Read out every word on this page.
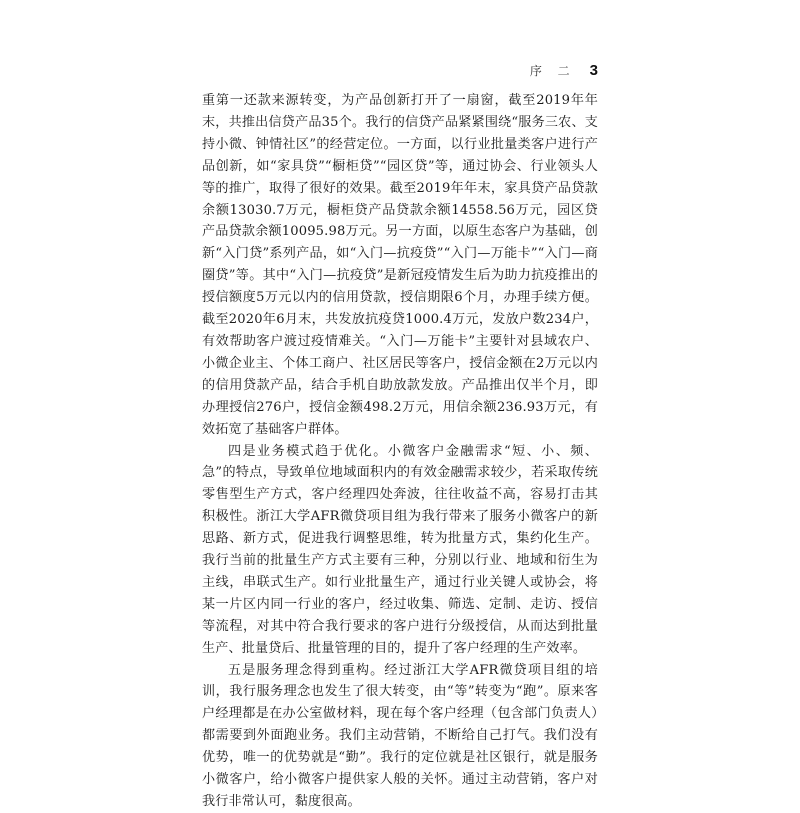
序 二 3

重第一还款来源转变，为产品创新打开了一扇窗，截至2019年年末，共推出信贷产品35个。我行的信贷产品紧紧围绕“服务三农、支持小微、钟情社区”的经营定位。一方面，以行业批量类客户进行产品创新，如“家具贷”“橱柜贷”“园区贷”等，通过协会、行业领头人等的推广，取得了很好的效果。截至2019年年末，家具贷产品贷款余额13030.7万元，橱柜贷产品贷款余额14558.56万元，园区贷产品贷款余额10095.98万元。另一方面，以原生态客户为基础，创新“入门贷”系列产品，如“入门—抗疫贷”“入门—万能卡”“入门—商圈贷”等。其中“入门—抗疫贷”是新冠疫情发生后为助力抗疫推出的授信额度5万元以内的信用贷款，授信期限6个月，办理手续方便。截至2020年6月末，共发放抗疫贷1000.4万元，发放户数234户，有效帮助客户渡过疫情难关。“入门—万能卡”主要针对县域农户、小微企业主、个体工商户、社区居民等客户，授信金额在2万元以内的信用贷款产品，结合手机自助放款发放。产品推出仅半个月，即办理授信276户，授信金额498.2万元，用信余额236.93万元，有效拓宽了基础客户群体。

四是业务模式趋于优化。小微客户金融需求“短、小、频、急”的特点，导致单位地域面积内的有效金融需求较少，若采取传统零售型生产方式，客户经理四处奔波，往往收益不高，容易打击其积极性。浙江大学AFR微贷项目组为我行带来了服务小微客户的新思路、新方式，促进我行调整思维，转为批量方式，集约化生产。我行当前的批量生产方式主要有三种，分别以行业、地域和衍生为主线，串联式生产。如行业批量生产，通过行业关键人或协会，将某一片区内同一行业的客户，经过收集、筛选、定制、走访、授信等流程，对其中符合我行要求的客户进行分级授信，从而达到批量生产、批量贷后、批量管理的目的，提升了客户经理的生产效率。

五是服务理念得到重构。经过浙江大学AFR微贷项目组的培训，我行服务理念也发生了很大转变，由“等”转变为“跑”。原来客户经理都是在办公室做材料，现在每个客户经理（包含部门负责人）都需要到外面跑业务。我们主动营销，不断给自己打气。我们没有优势，唯一的优势就是“勤”。我行的定位就是社区银行，就是服务小微客户，给小微客户提供家人般的关怀。通过主动营销，客户对我行非常认可，黏度很高。
